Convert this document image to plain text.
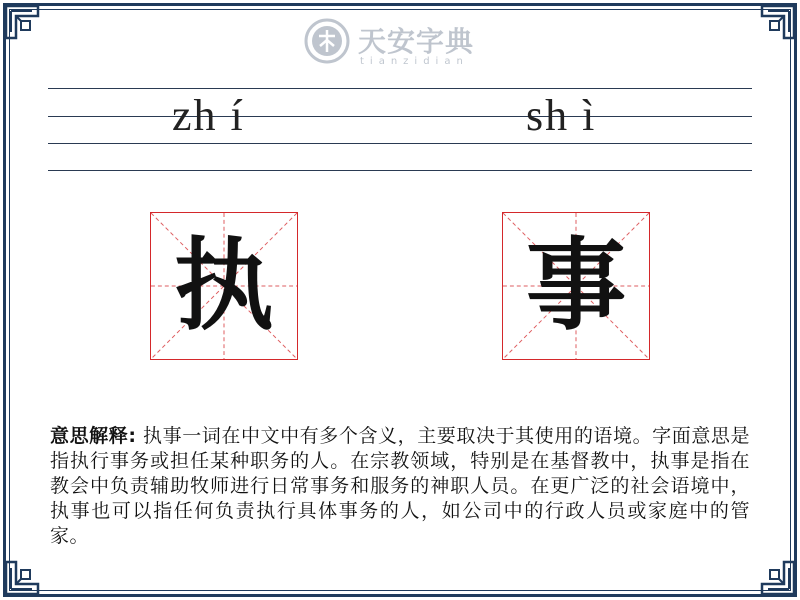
天安字典
tianzidian
zh í	sh ì
执	事
意思解释: 执事一词在中文中有多个含义，主要取决于其使用的语境。字面意思是指执行事务或担任某种职务的人。在宗教领域，特别是在基督教中，执事是指在教会中负责辅助牧师进行日常事务和服务的神职人员。在更广泛的社会语境中，执事也可以指任何负责执行具体事务的人，如公司中的行政人员或家庭中的管家。
